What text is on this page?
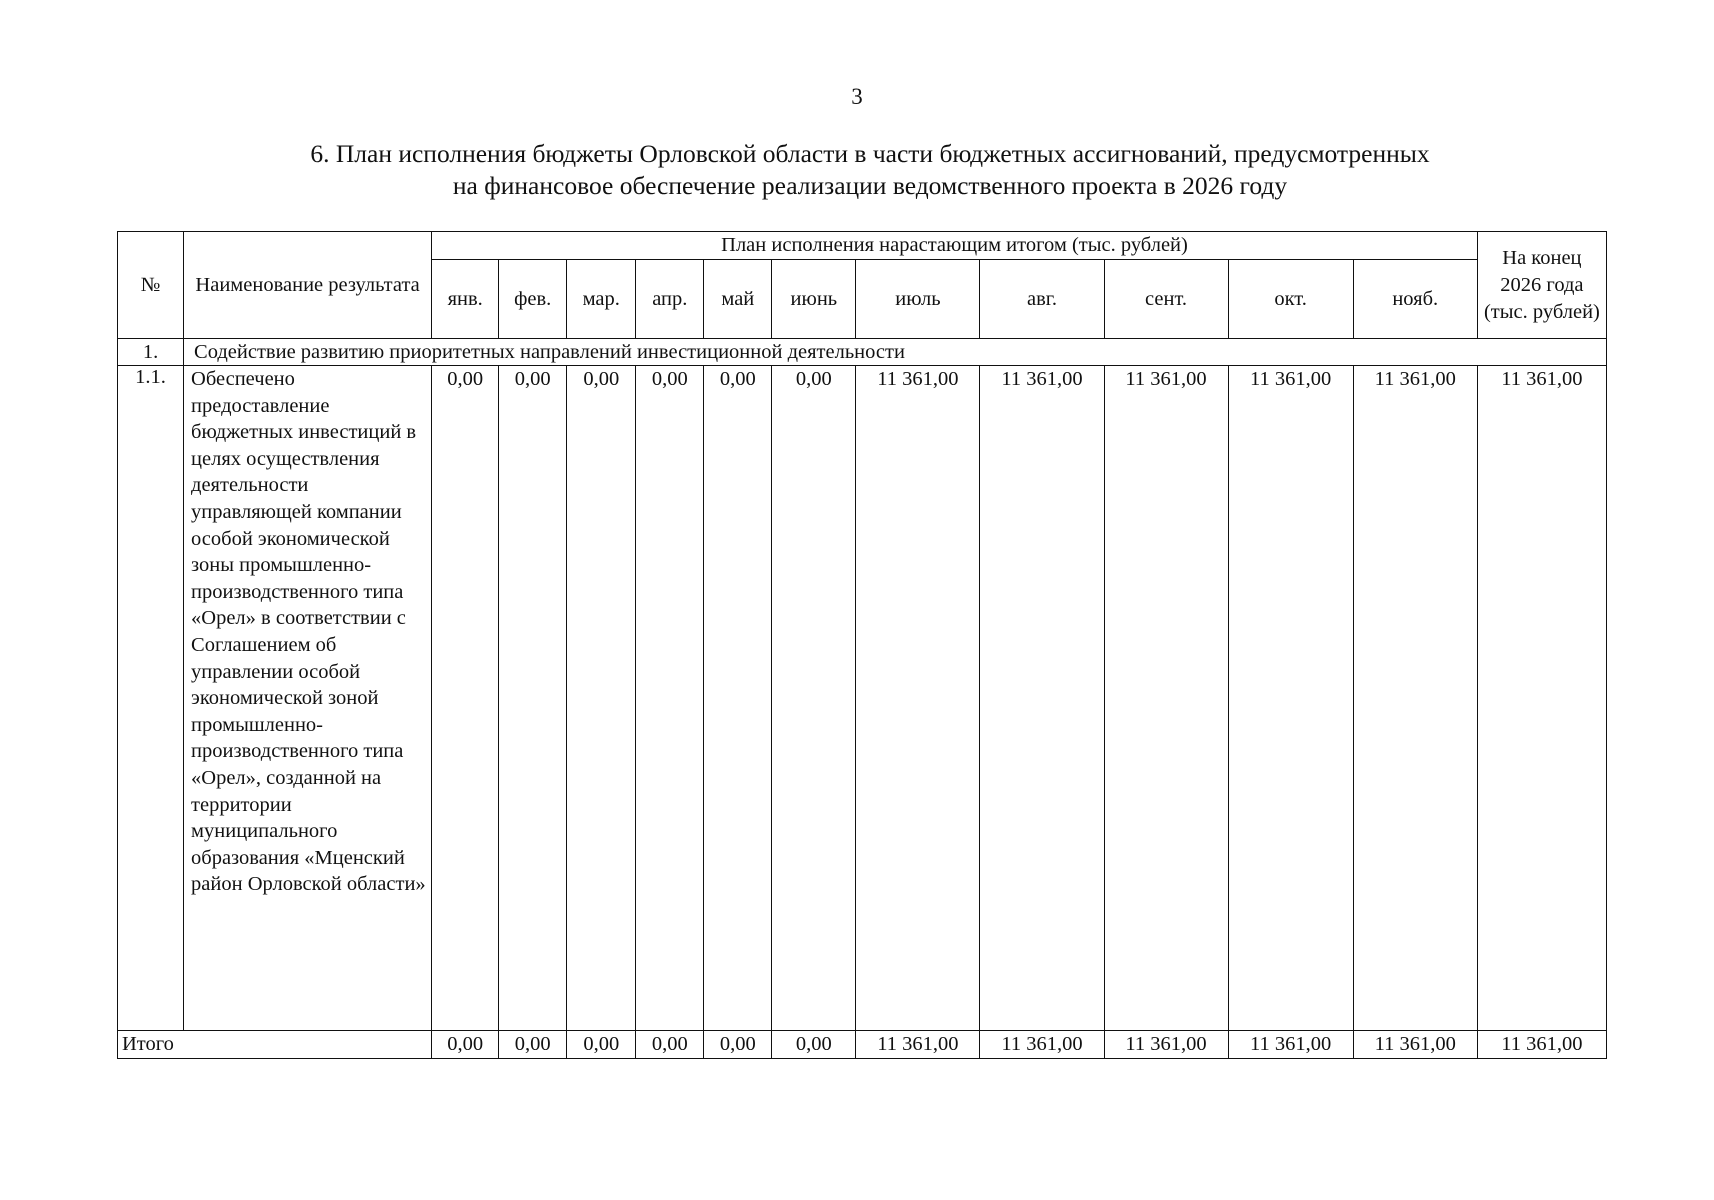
3
6. План исполнения бюджеты Орловской области в части бюджетных ассигнований, предусмотренных
на финансовое обеспечение реализации ведомственного проекта в 2026 году
№	Наименование результата	План исполнения нарастающим итогом (тыс. рублей)											На конец 2026 года (тыс. рублей)
		янв.	фев.	мар.	апр.	май	июнь	июль	авг.	сент.	окт.	нояб.	
1.	Содействие развитию приоритетных направлений инвестиционной деятельности												
1.1.	Обеспечено предоставление бюджетных инвестиций в целях осуществления деятельности управляющей компании особой экономической зоны промышленно-производственного типа «Орел» в соответствии с Соглашением об управлении особой экономической зоной промышленно-производственного типа «Орел», созданной на территории муниципального образования «Мценский район Орловской области»	0,00	0,00	0,00	0,00	0,00	0,00	11 361,00	11 361,00	11 361,00	11 361,00	11 361,00	11 361,00
Итого		0,00	0,00	0,00	0,00	0,00	0,00	11 361,00	11 361,00	11 361,00	11 361,00	11 361,00	11 361,00
